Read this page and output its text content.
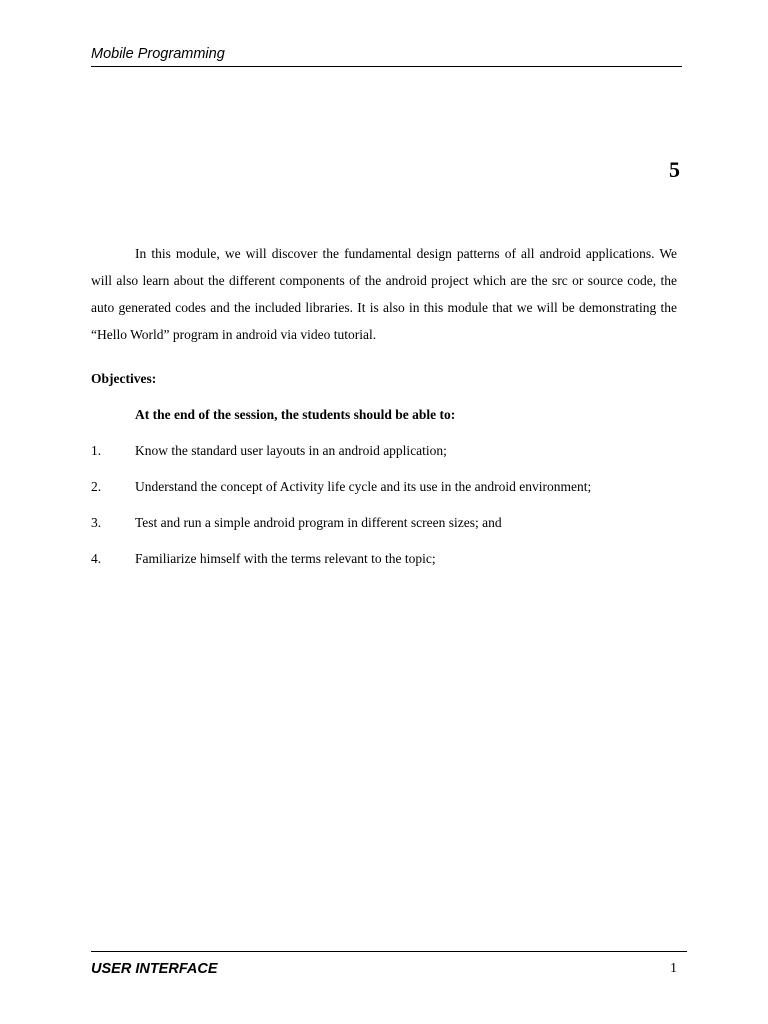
Mobile Programming
5

In this module, we will discover the fundamental design patterns of all android applications. We will also learn about the different components of the android project which are the src or source code, the auto generated codes and the included libraries. It is also in this module that we will be demonstrating the “Hello World” program in android via video tutorial.

Objectives:
At the end of the session, the students should be able to:
1.	Know the standard user layouts in an android application;
2.	Understand the concept of Activity life cycle and its use in the android environment;
3.	Test and run a simple android program in different screen sizes; and
4.	Familiarize himself with the terms relevant to the topic;
USER INTERFACE	1
